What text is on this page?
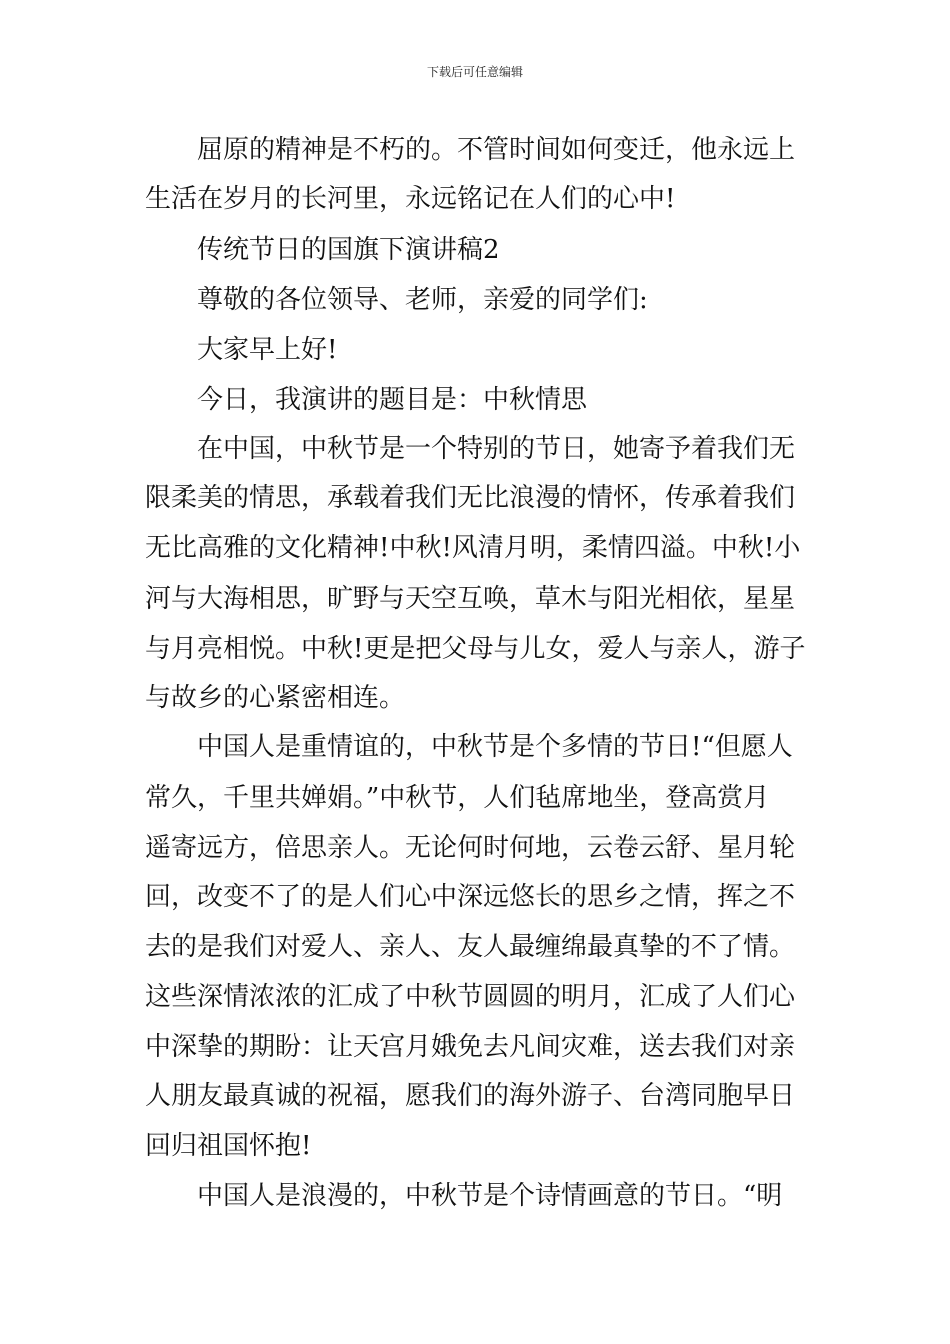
下载后可任意编辑
屈原的精神是不朽的。不管时间如何变迁，他永远上
生活在岁月的长河里，永远铭记在人们的心中!
传统节日的国旗下演讲稿2
尊敬的各位领导、老师，亲爱的同学们:
大家早上好!
今日，我演讲的题目是：中秋情思
在中国，中秋节是一个特别的节日，她寄予着我们无
限柔美的情思，承载着我们无比浪漫的情怀，传承着我们
无比高雅的文化精神!中秋!风清月明，柔情四溢。中秋!小
河与大海相思，旷野与天空互唤，草木与阳光相依，星星
与月亮相悦。中秋!更是把父母与儿女，爱人与亲人，游子
与故乡的心紧密相连。
中国人是重情谊的，中秋节是个多情的节日!“但愿人
常久，千里共婵娟。”中秋节，人们毡席地坐，登高赏月
遥寄远方，倍思亲人。无论何时何地，云卷云舒、星月轮
回，改变不了的是人们心中深远悠长的思乡之情，挥之不
去的是我们对爱人、亲人、友人最缠绵最真挚的不了情。
这些深情浓浓的汇成了中秋节圆圆的明月，汇成了人们心
中深挚的期盼：让天宫月娥免去凡间灾难，送去我们对亲
人朋友最真诚的祝福，愿我们的海外游子、台湾同胞早日
回归祖国怀抱!
中国人是浪漫的，中秋节是个诗情画意的节日。“明
